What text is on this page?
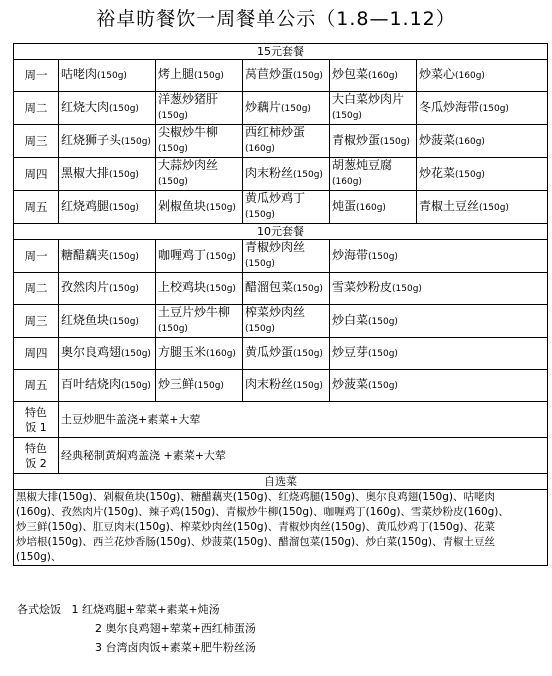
裕卓昉餐饮一周餐单公示（1.8—1.12）
15元套餐					
周一	咕咾肉(150g)	烤上腿(150g)	莴苣炒蛋(150g)	炒包菜(160g)	炒菜心(160g)
周二	红烧大肉(150g)	洋葱炒猪肝(150g)	炒藕片(150g)	大白菜炒肉片(150g)	冬瓜炒海带(150g)
周三	红烧狮子头(150g)	尖椒炒牛柳(150g)	西红柿炒蛋(160g)	青椒炒蛋(150g)	炒菠菜(160g)
周四	黑椒大排(150g)	大蒜炒肉丝(150g)	肉末粉丝(150g)	胡葱炖豆腐(160g)	炒花菜(150g)
周五	红烧鸡腿(150g)	剁椒鱼块(150g)	黄瓜炒鸡丁(150g)	炖蛋(160g)	青椒土豆丝(150g)
10元套餐					
周一	糖醋藕夹(150g)	咖喱鸡丁(150g)	青椒炒肉丝(150g)	炒海带(150g)	
周二	孜然肉片(150g)	上校鸡块(150g)	醋溜包菜(150g)	雪菜炒粉皮(150g)	
周三	红烧鱼块(150g)	土豆片炒牛柳(150g)	榨菜炒肉丝(150g)	炒白菜(150g)	
周四	奥尔良鸡翅(150g)	方腿玉米(160g)	黄瓜炒蛋(150g)	炒豆芽(150g)	
周五	百叶结烧肉(150g)	炒三鲜(150g)	肉末粉丝(150g)	炒菠菜(150g)	
特色
饭 1	土豆炒肥牛盖浇+素菜+大荤				
特色
饭 2	经典秘制黄焖鸡盖浇 +素菜+大荤				
自选菜					

黑椒大排(150g)、剁椒鱼块(150g)、糖醋藕夹(150g)、红烧鸡腿(150g)、奥尔良鸡翅(150g)、咕咾肉
(160g)、孜然肉片(150g)、辣子鸡(150g)、青椒炒牛柳(150g)、咖喱鸡丁(160g)、雪菜炒粉皮(160g)、
炒三鲜(150g)、肛豆肉末(150g)、榨菜炒肉丝(150g)、青椒炒肉丝(150g)、黄瓜炒鸡丁(150g)、花菜
炒培根(150g)、西兰花炒香肠(150g)、炒菠菜(150g)、醋溜包菜(150g)、炒白菜(150g)、青椒土豆丝
(150g)、					
各式烩饭 1 红烧鸡腿+荤菜+素菜+炖汤
2 奥尔良鸡翅+荤菜+西红柿蛋汤
3 台湾卤肉饭+素菜+肥牛粉丝汤
